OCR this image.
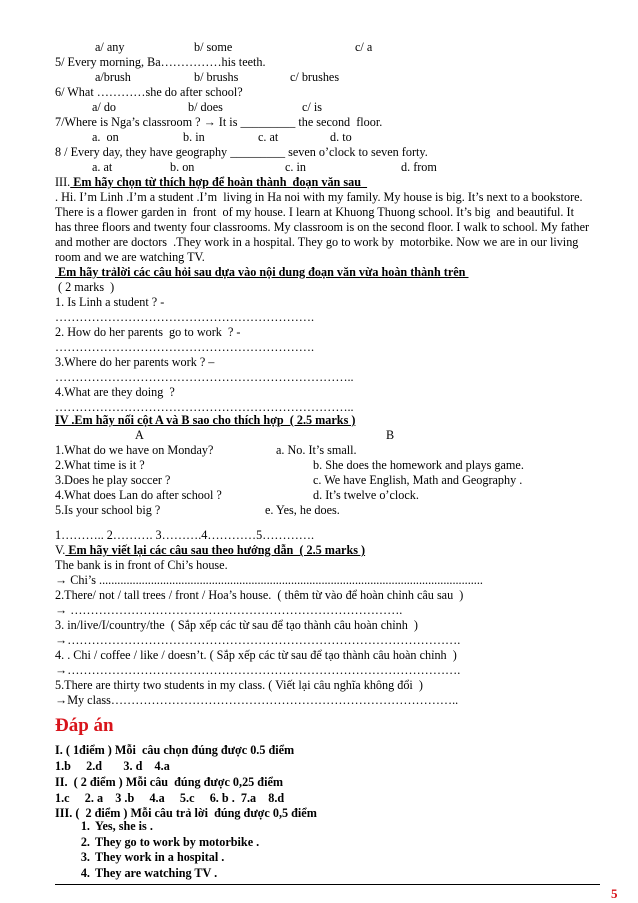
a/ any	b/ some	c/ a
5/ Every morning, Ba……………his teeth.
a/brush	b/ brushs	c/ brushes
6/ What …………she do after school?
a/ do	b/ does	c/ is
7/Where is Nga’s classroom ? → It is _________ the second  floor.
a.  on	b. in	c. at	d. to
8 / Every day, they have geography _________ seven o’clock to seven forty.
a. at	b. on	c. in	d. from
III. Em hãy chọn từ thích hợp để hoàn thành  đoạn văn sau
. Hi. I’m Linh .I’m a student .I’m  living in Ha noi with my family. My house is big. It’s next to a bookstore.
There is a flower garden in  front  of my house. I learn at Khuong Thuong school. It’s big  and beautiful. It
has three floors and twenty four classrooms. My classroom is on the second floor. I walk to school. My father
and mother are doctors  .They work in a hospital. They go to work by  motorbike. Now we are in our living
room and we are watching TV.
Em hãy trảlời các câu hỏi sau dựa vào nội dung đoạn văn vừa hoàn thành trên
( 2 marks  )
1. Is Linh a student ? -
……………………………………………………….
2. How do her parents  go to work  ? -
……………………………………………………….
3.Where do her parents work ? –
………………………………………………………………..
4.What are they doing  ?
………………………………………………………………..
IV .Em hãy nối cột A và B sao cho thích hợp  ( 2.5 marks )
A	B
1.What do we have on Monday?	a. No. It’s small.
2.What time is it ?	b. She does the homework and plays game.
3.Does he play soccer ?	c. We have English, Math and Geography .
4.What does Lan do after school ?	d. It’s twelve o’clock.
5.Is your school big ?	e. Yes, he does.
1……….. 2………. 3……….4…………5………….
V. Em hãy viết lại các câu sau theo hướng dẫn  ( 2.5 marks )
The bank is in front of Chi’s house.
→ Chi’s ..............................................................................................................................
2.There/ not / tall trees / front / Hoa’s house.  ( thêm từ vào để hoàn chỉnh câu sau  )
→ ……………………………………………………………………….
3. in/live/I/country/the  ( Sắp xếp các từ sau để tạo thành câu hoàn chỉnh  )
→…………………………………………………………………………………….
4. . Chi / coffee / like / doesn’t. ( Sắp xếp các từ sau để tạo thành câu hoàn chỉnh  )
→…………………………………………………………………………………….
5.There are thirty two students in my class. ( Viết lại câu nghĩa không đổi  )
→My class…………………………………………………………………………..
Đáp án
I. ( 1điểm ) Mỗi  câu chọn đúng được 0.5 điểm
1.b     2.d       3. d    4.a
II.  ( 2 điểm ) Mỗi câu  đúng được 0,25 điểm
1.c     2. a    3 .b     4.a     5.c     6. b .  7.a    8.d
III. (  2 điểm ) Mỗi câu trả lời  đúng được 0,5 điểm
1. Yes, she is .
2. They go to work by motorbike .
3. They work in a hospital .
4. They are watching TV .
5
